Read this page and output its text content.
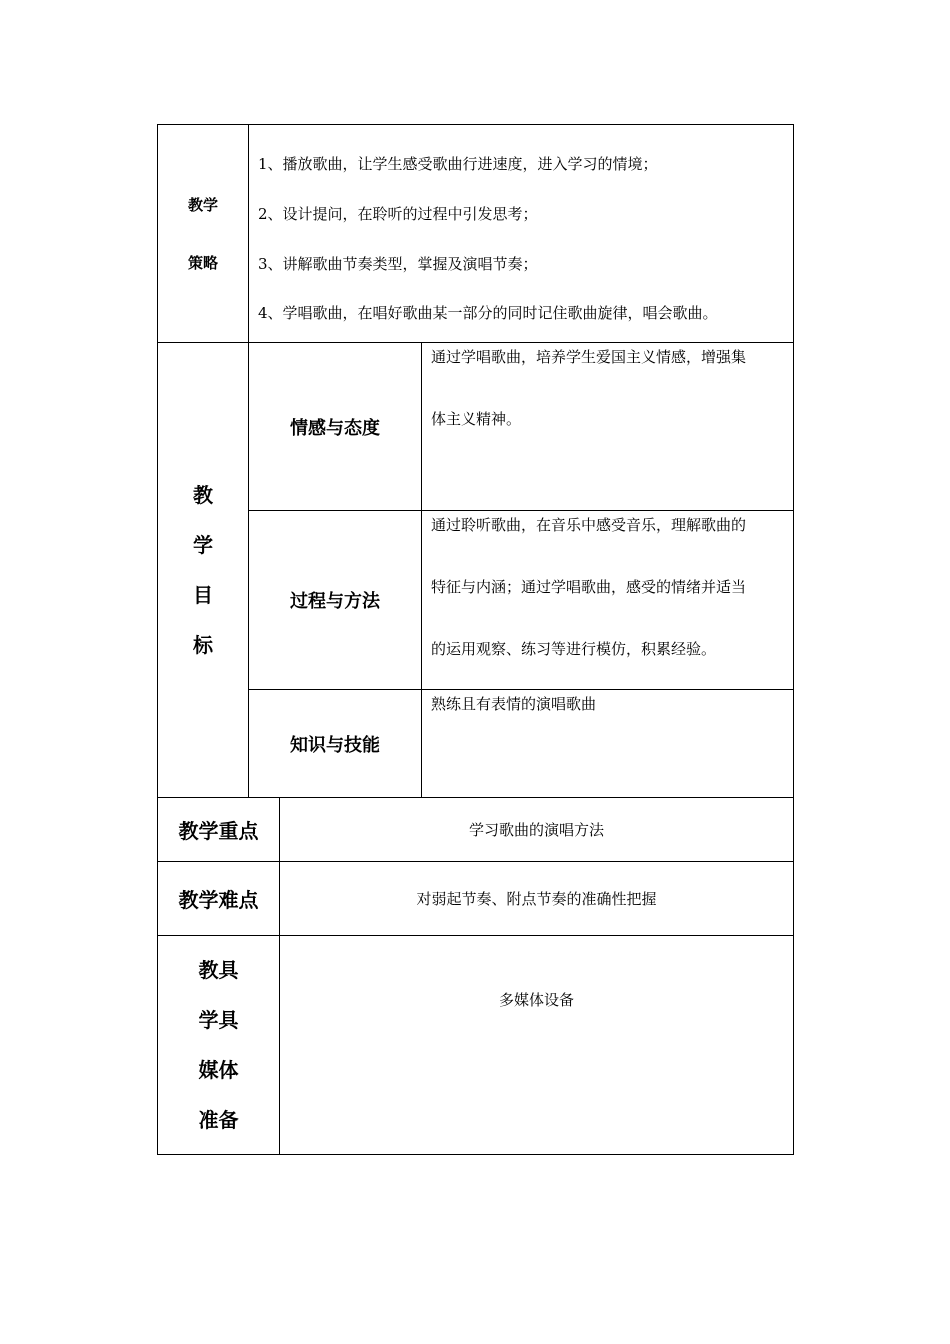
教学
策略
1、播放歌曲，让学生感受歌曲行进速度，进入学习的情境；
2、设计提问，在聆听的过程中引发思考；
3、讲解歌曲节奏类型，掌握及演唱节奏；
4、学唱歌曲，在唱好歌曲某一部分的同时记住歌曲旋律，唱会歌曲。
教
学
目
标
情感与态度
通过学唱歌曲，培养学生爱国主义情感，增强集
体主义精神。
过程与方法
通过聆听歌曲，在音乐中感受音乐，理解歌曲的
特征与内涵；通过学唱歌曲，感受的情绪并适当
的运用观察、练习等进行模仿，积累经验。
知识与技能
熟练且有表情的演唱歌曲
教学重点	学习歌曲的演唱方法
教学难点	对弱起节奏、附点节奏的准确性把握
教具
学具
媒体
准备
多媒体设备
